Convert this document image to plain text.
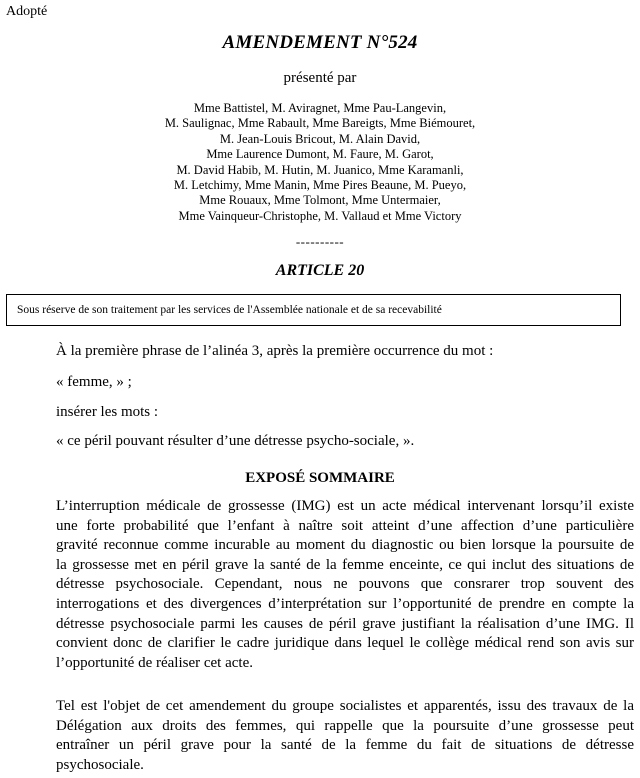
Adopté
AMENDEMENT N°524
présenté par
Mme Battistel, M. Aviragnet, Mme Pau-Langevin,
M. Saulignac, Mme Rabault, Mme Bareigts, Mme Biémouret,
M. Jean-Louis Bricout, M. Alain David,
Mme Laurence Dumont, M. Faure, M. Garot,
M. David Habib, M. Hutin, M. Juanico, Mme Karamanli,
M. Letchimy, Mme Manin, Mme Pires Beaune, M. Pueyo,
Mme Rouaux, Mme Tolmont, Mme Untermaier,
Mme Vainqueur-Christophe, M. Vallaud et Mme Victory
----------
ARTICLE 20
Sous réserve de son traitement par les services de l'Assemblée nationale et de sa recevabilité
À la première phrase de l’alinéa 3, après la première occurrence du mot :
« femme, » ;
insérer les mots :
« ce péril pouvant résulter d’une détresse psycho-sociale, ».
EXPOSÉ SOMMAIRE
L’interruption médicale de grossesse (IMG) est un acte médical intervenant lorsqu’il existe
une forte probabilité que l’enfant à naître soit atteint d’une affection d’une particulière
gravité reconnue comme incurable au moment du diagnostic ou bien lorsque la poursuite de
la grossesse met en péril grave la santé de la femme enceinte, ce qui inclut des situations de
détresse psychosociale. Cependant, nous ne pouvons que consrarer trop souvent des
interrogations et des divergences d’interprétation sur l’opportunité de prendre en compte la
détresse psychosociale parmi les causes de péril grave justifiant la réalisation d’une IMG. Il
convient donc de clarifier le cadre juridique dans lequel le collège médical rend son avis sur
l’opportunité de réaliser cet acte.
Tel est l'objet de cet amendement du groupe socialistes et apparentés, issu des travaux de la
Délégation aux droits des femmes, qui rappelle que la poursuite d’une grossesse peut
entraîner un péril grave pour la santé de la femme du fait de situations de détresse
psychosociale.
